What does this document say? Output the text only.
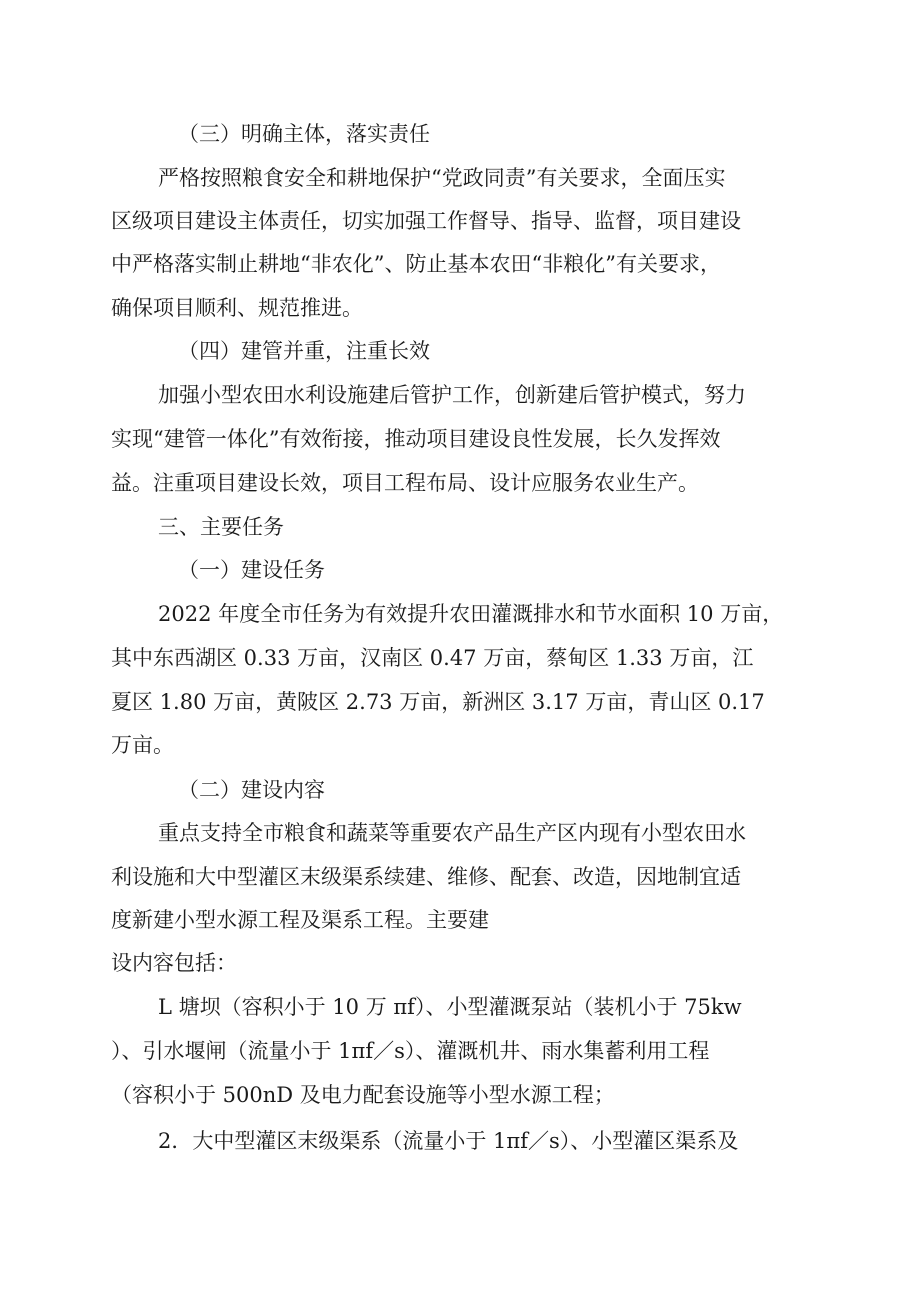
（三）明确主体，落实责任
严格按照粮食安全和耕地保护“党政同责”有关要求，全面压实
区级项目建设主体责任，切实加强工作督导、指导、监督，项目建设
中严格落实制止耕地“非农化”、防止基本农田“非粮化”有关要求，
确保项目顺利、规范推进。
（四）建管并重，注重长效
加强小型农田水利设施建后管护工作，创新建后管护模式，努力
实现“建管一体化”有效衔接，推动项目建设良性发展，长久发挥效
益。注重项目建设长效，项目工程布局、设计应服务农业生产。
三、主要任务
（一）建设任务
2022 年度全市任务为有效提升农田灌溉排水和节水面积 10 万亩，
其中东西湖区 0.33 万亩，汉南区 0.47 万亩，蔡甸区 1.33 万亩，江
夏区 1.80 万亩，黄陂区 2.73 万亩，新洲区 3.17 万亩，青山区 0.17
万亩。
（二）建设内容
重点支持全市粮食和蔬菜等重要农产品生产区内现有小型农田水
利设施和大中型灌区末级渠系续建、维修、配套、改造，因地制宜适
度新建小型水源工程及渠系工程。主要建
设内容包括：
L 塘坝（容积小于 10 万 πf）、小型灌溉泵站（装机小于 75kw
）、引水堰闸（流量小于 1πf／s）、灌溉机井、雨水集蓄利用工程
（容积小于 500nD 及电力配套设施等小型水源工程；
2．大中型灌区末级渠系（流量小于 1πf／s）、小型灌区渠系及
